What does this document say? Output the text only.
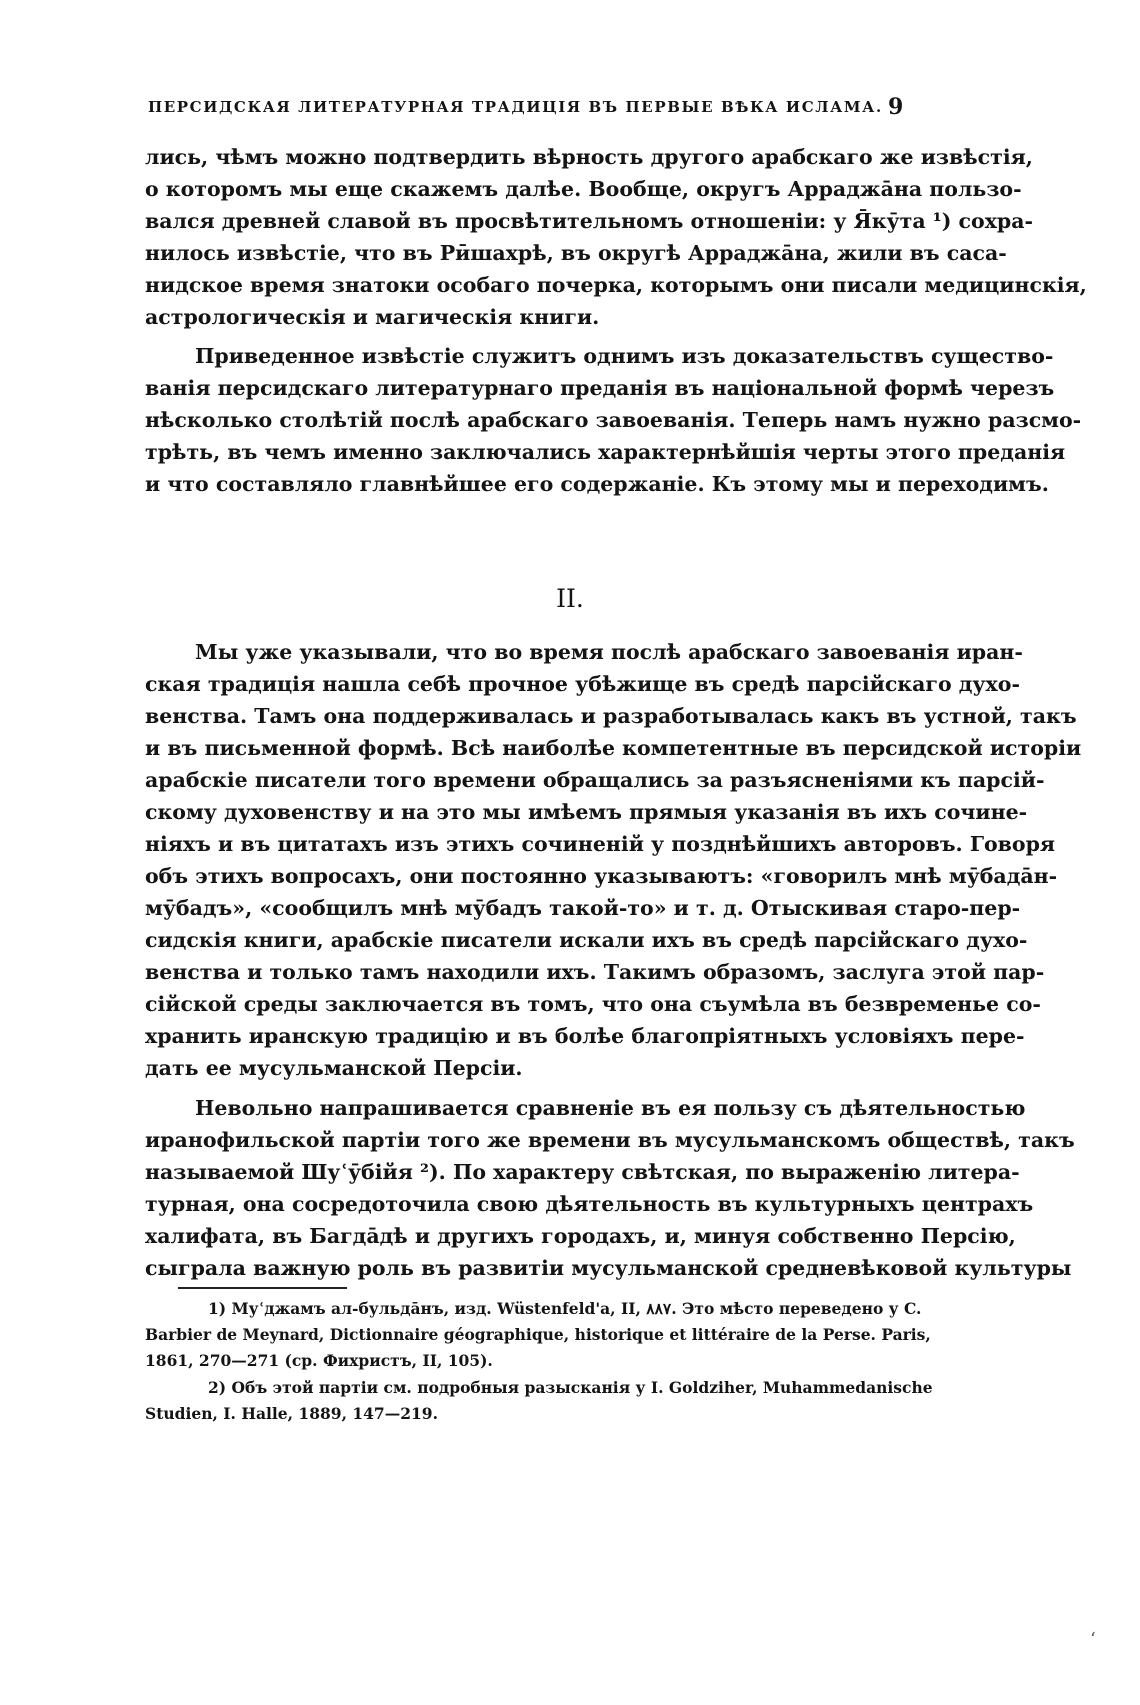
ПЕРСИДСКАЯ ЛИТЕРАТУРНАЯ ТРАДИЦІЯ ВЪ ПЕРВЫЕ ВѢКА ИСЛАМА. 9
лись, чѣмъ можно подтвердить вѣрность другого арабскаго же извѣстія,
о которомъ мы еще скажемъ далѣе. Вообще, округъ Арраджа̄на пользо-
вался древней славой въ просвѣтительномъ отношеніи: у Я̄кӯта ¹) сохра-
нилось извѣстіе, что въ Рӣшахрѣ, въ округѣ Арраджа̄на, жили въ саса-
нидское время знатоки особаго почерка, которымъ они писали медицинскія,
астрологическія и магическія книги.
Приведенное извѣстіе служитъ однимъ изъ доказательствъ существо-
ванія персидскаго литературнаго преданія въ національной формѣ черезъ
нѣсколько столѣтій послѣ арабскаго завоеванія. Теперь намъ нужно разсмо-
трѣть, въ чемъ именно заключались характернѣйшія черты этого преданія
и что составляло главнѣйшее его содержаніе. Къ этому мы и переходимъ.
II.
Мы уже указывали, что во время послѣ арабскаго завоеванія иран-
ская традиція нашла себѣ прочное убѣжище въ средѣ парсійскаго духо-
венства. Тамъ она поддерживалась и разработывалась какъ въ устной, такъ
и въ письменной формѣ. Всѣ наиболѣе компетентные въ персидской исторіи
арабскіе писатели того времени обращались за разъясненіями къ парсій-
скому духовенству и на это мы имѣемъ прямыя указанія въ ихъ сочине-
ніяхъ и въ цитатахъ изъ этихъ сочиненій у позднѣйшихъ авторовъ. Говоря
объ этихъ вопросахъ, они постоянно указываютъ: «говорилъ мнѣ мӯбада̄н-
мӯбадъ», «сообщилъ мнѣ мӯбадъ такой-то» и т. д. Отыскивая старо-пер-
сидскія книги, арабскіе писатели искали ихъ въ средѣ парсійскаго духо-
венства и только тамъ находили ихъ. Такимъ образомъ, заслуга этой пар-
сійской среды заключается въ томъ, что она съумѣла въ безвременье со-
хранить иранскую традицію и въ болѣе благопріятныхъ условіяхъ пере-
дать ее мусульманской Персіи.
Невольно напрашивается сравненіе въ ея пользу съ дѣятельностью
иранофильской партіи того же времени въ мусульманскомъ обществѣ, такъ
называемой Шуʿӯбійя ²). По характеру свѣтская, по выраженію литера-
турная, она сосредоточила свою дѣятельность въ культурныхъ центрахъ
халифата, въ Багда̄дѣ и другихъ городахъ, и, минуя собственно Персію,
сыграла важную роль въ развитіи мусульманской средневѣковой культуры
1) Муʿджамъ ал-бульда̄нъ, изд. Wüstenfeld'a, II, ٨٨٧. Это мѣсто переведено у C.
Barbier de Meynard, Dictionnaire géographique, historique et littéraire de la Perse. Paris,
1861, 270—271 (ср. Фихристъ, II, 105).
2) Объ этой партіи см. подробныя разысканія у I. Goldziher, Muhammedanische
Studien, I. Halle, 1889, 147—219.
ʻ
